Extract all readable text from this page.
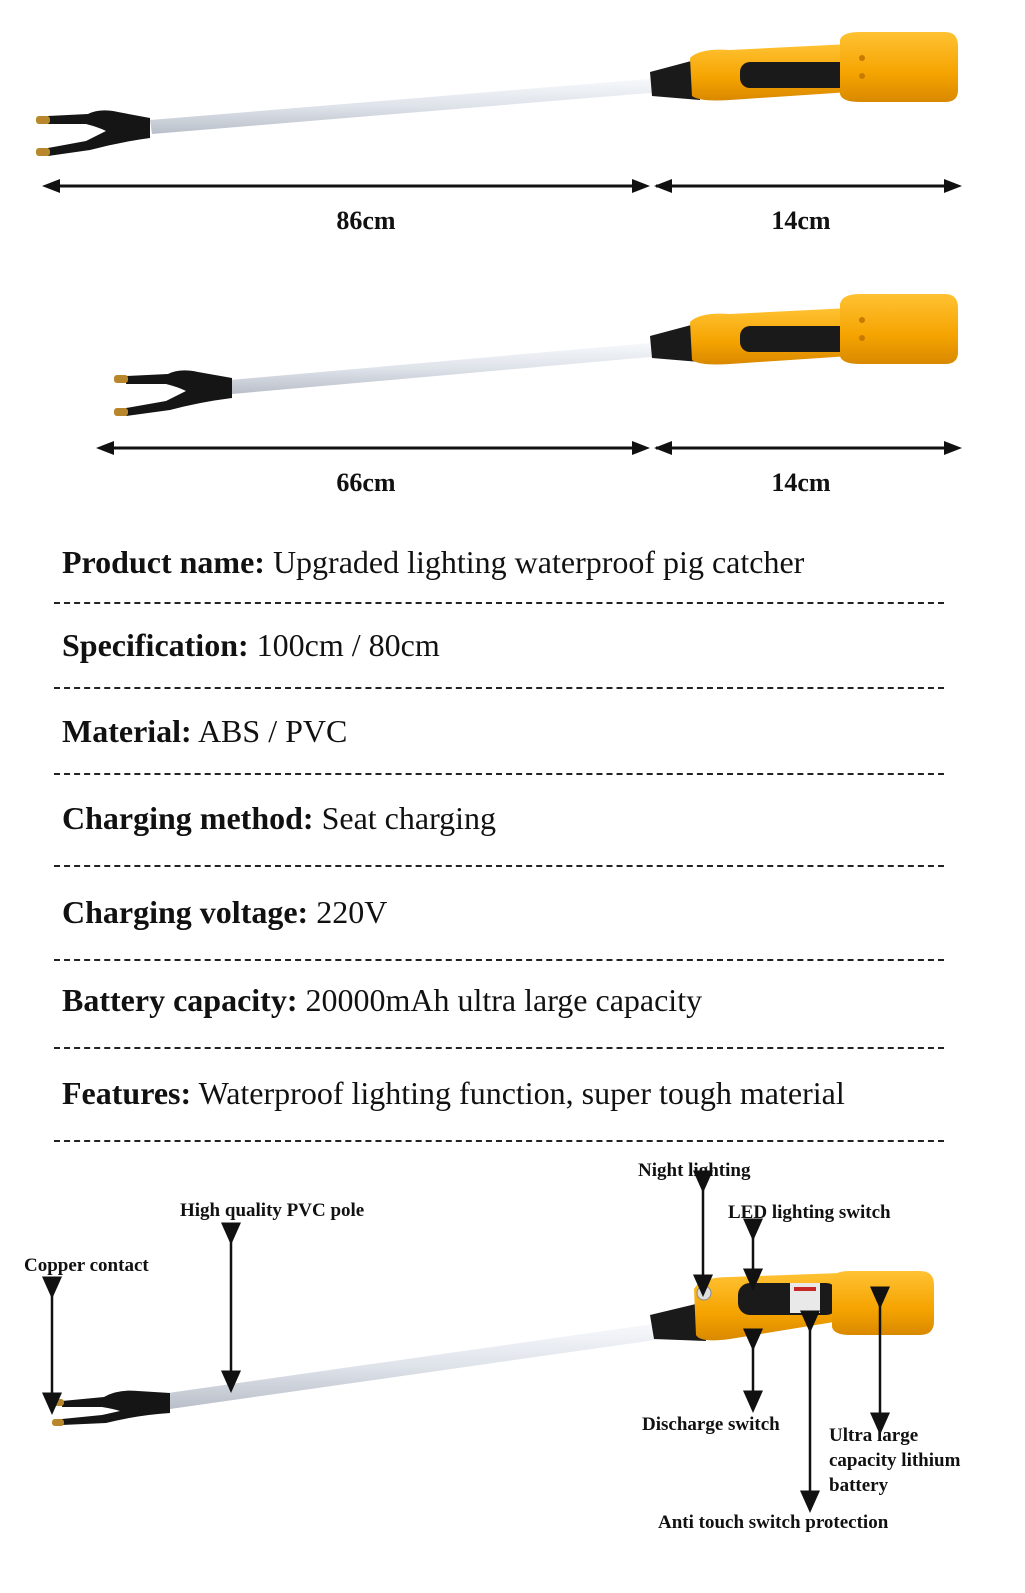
86cm	14cm
66cm	14cm
Product name: Upgraded lighting waterproof pig catcher
Specification: 100cm / 80cm
Material: ABS / PVC
Charging method: Seat charging
Charging voltage: 220V
Battery capacity: 20000mAh ultra large capacity
Features: Waterproof lighting function, super tough material
Night lighting
High quality PVC pole	LED lighting switch
Copper contact
Discharge switch
Ultra large
capacity lithium
battery
Anti touch switch protection
